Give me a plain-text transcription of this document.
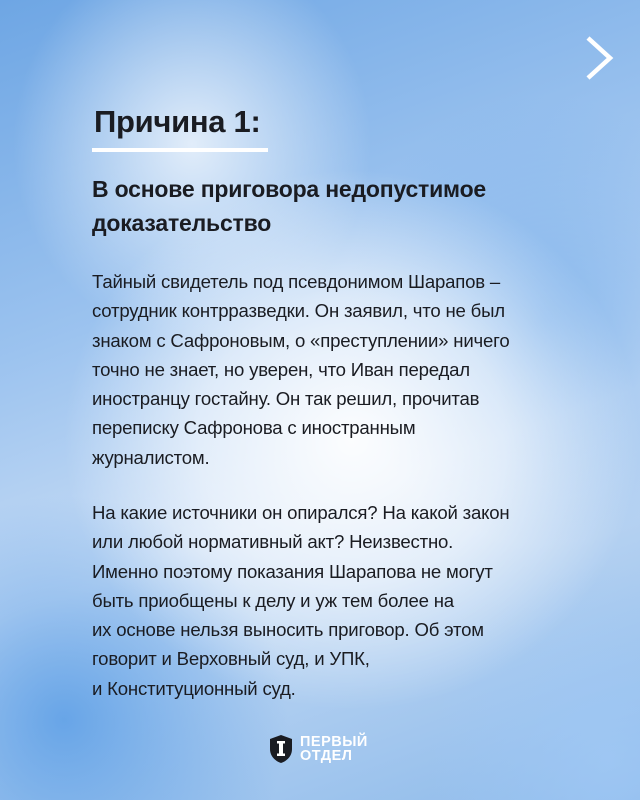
Причина 1:
В основе приговора недопустимое
доказательство
Тайный свидетель под псевдонимом Шарапов –
сотрудник контрразведки. Он заявил, что не был
знаком с Сафроновым, о «преступлении» ничего
точно не знает, но уверен, что Иван передал
иностранцу гостайну. Он так решил, прочитав
переписку Сафронова с иностранным
журналистом.
На какие источники он опирался? На какой закон
или любой нормативный акт? Неизвестно.
Именно поэтому показания Шарапова не могут
быть приобщены к делу и уж тем более на
их основе нельзя выносить приговор. Об этом
говорит и Верховный суд, и УПК,
и Конституционный суд.
ПЕРВЫЙ
ОТДЕЛ
